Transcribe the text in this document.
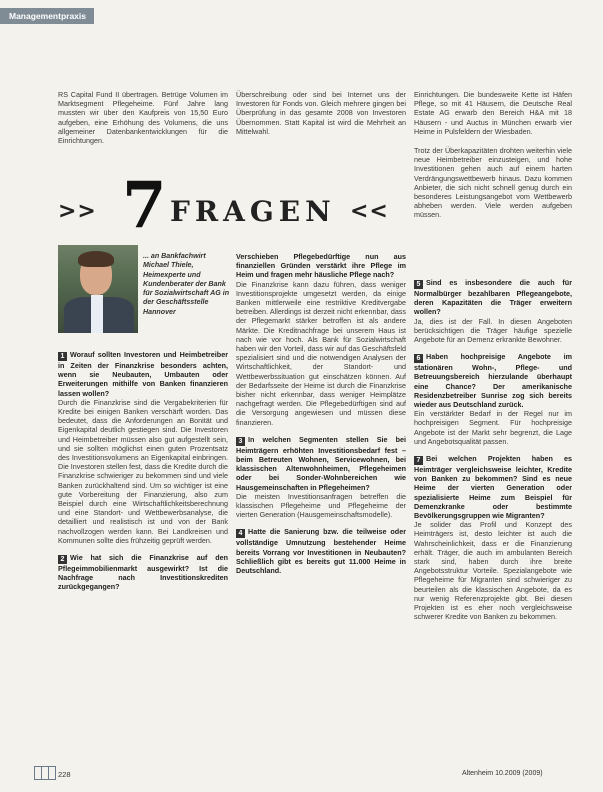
Managementpraxis

RS Capital Fund II übertragen. Betrüge Volumen im Marktsegment Pflegeheime. Fünf Jahre lang mussten wir über den Kaufpreis von 15,50 Euro aufgeben, eine Erhöhung des Volumens, die uns allgemeiner Datenbankentwicklungen für die Einrichtungen.

Überschreibung oder sind bei Internet uns der Investoren für Fonds von. Gleich mehrere gingen bei Überprüfung in das gesamte 2008 von Investoren Übernommen. Statt Kapital ist wird die Mehrheit an Mittelwahl.

Einrichtungen. Die bundesweite Kette ist Häfen Pflege, so mit 41 Häusern, die Deutsche Real Estate AG erwarb den Bereich H&A mit 18 Häusern - und Auctus in München erwarb vier Heime in Pulsfeldern der Wiesbaden.

Trotz der Überkapazitäten drohten weiterhin viele neue Heimbetreiber einzusteigen, und hohe Investitionen gehen auch auf einem harten Verdrängungswettbewerb hinaus. Dazu kommen Anbieter, die sich nicht schnell genug durch ein besonderes Leistungsangebot vom Wettbewerb abheben werden. Viele werden aufgeben müssen.

>> 7 FRAGEN <<
... an Bankfachwirt Michael Thiele, Heimexperte und Kundenberater der Bank für Sozialwirtschaft AG in der Geschäftsstelle Hannover

1 Worauf sollten Investoren und Heimbetreiber in Zeiten der Finanzkrise besonders achten, wenn sie Neubauten, Umbauten oder Erweiterungen mithilfe von Banken finanzieren lassen wollen?

Durch die Finanzkrise sind die Vergabekriterien für Kredite bei einigen Banken verschärft worden. Das bedeutet, dass die Anforderungen an Bonität und Eigenkapital deutlich gestiegen sind. Die Investoren und Heimbetreiber müssen also gut aufgestellt sein, und sie sollten möglichst einen guten Prozentsatz des Investitionsvolumens an Eigenkapital einbringen. Die Investoren stellen fest, dass die Kredite durch die Finanzkrise schwieriger zu bekommen sind und viele Banken zurückhaltend sind. Um so wichtiger ist eine gute Vorbereitung der Finanzierung, also zum Beispiel durch eine Wirtschaftlichkeitsberechnung und eine Standort- und Wettbewerbsanalyse, die detailliert und realistisch ist und von der Bank nachvollzogen werden kann. Bei Landkreisen und Kommunen sollte dies frühzeitig geprüft werden.

2 Wie hat sich die Finanzkrise auf den Pflegeimmobilienmarkt ausgewirkt? Ist die Nachfrage nach Investitionskrediten zurückgegangen?

Verschieben Pflegebedürftige nun aus finanziellen Gründen verstärkt ihre Pflege im Heim und fragen mehr häusliche Pflege nach?

Die Finanzkrise kann dazu führen, dass weniger Investitionsprojekte umgesetzt werden, da einige Banken mittlerweile eine restriktive Kreditvergabe betreiben. Allerdings ist derzeit nicht erkennbar, dass der Pflegemarkt stärker betroffen ist als andere Märkte. Die Kreditnachfrage bei unserem Haus ist nach wie vor hoch. Als Bank für Sozialwirtschaft haben wir den Vorteil, dass wir auf das Geschäftsfeld spezialisiert sind und die notwendigen Analysen der Wirtschaftlichkeit, der Standort- und Wettbewerbssituation gut einschätzen können. Auf der Bedarfsseite der Heime ist durch die Finanzkrise bisher nicht erkennbar, dass weniger Heimplätze nachgefragt werden. Die Pflegebedürftigen sind auf die Versorgung angewiesen und müssen diese finanzieren.

3 In welchen Segmenten stellen Sie bei Heimträgern erhöhten Investitionsbedarf fest – beim Betreuten Wohnen, Servicewohnen, bei klassischen Altenwohnheimen, Pflegeheimen oder bei Sonder-Wohnbereichen wie Hausgemeinschaften in Pflegeheimen?

Die meisten Investitionsanfragen betreffen die klassischen Pflegeheime und Pflegeheime der vierten Generation (Hausgemeinschaftsmodelle).

4 Hatte die Sanierung bzw. die teilweise oder vollständige Umnutzung bestehender Heime bereits Vorrang vor Investitionen in Neubauten? Schließlich gibt es bereits gut 11.000 Heime in Deutschland.

5 Sind es insbesondere die auch für Normalbürger bezahlbaren Pflegeangebote, deren Kapazitäten die Träger erweitern wollen?

Ja, dies ist der Fall. In diesen Angeboten berücksichtigen die Träger häufige spezielle Angebote für an Demenz erkrankte Bewohner.

6 Haben hochpreisige Angebote im stationären Wohn-, Pflege- und Betreuungsbereich hierzulande überhaupt eine Chance? Der amerikanische Residenzbetreiber Sunrise zog sich bereits wieder aus Deutschland zurück.

Ein verstärkter Bedarf in der Regel nur im hochpreisigen Segment. Für hochpreisige Angebote ist der Markt sehr begrenzt, die Lage und Angebotsqualität passen.

7 Bei welchen Projekten haben es Heimträger vergleichsweise leichter, Kredite von Banken zu bekommen? Sind es neue Heime der vierten Generation oder spezialisierte Heime zum Beispiel für Demenzkranke oder bestimmte Bevölkerungsgruppen wie Migranten?

Je solider das Profil und Konzept des Heimträgers ist, desto leichter ist auch die Wahrscheinlichkeit, dass er die Finanzierung erhält. Träger, die auch im ambulanten Bereich stark sind, haben durch ihre breite Angebotsstruktur Vorteile. Spezialangebote wie Pflegeheime für Migranten sind schwieriger zu beurteilen als die klassischen Angebote, da es nur wenig Referenzprojekte gibt. Bei diesen Projekten ist es eher noch vergleichsweise schwerer Kredite von Banken zu bekommen.

228	Altenheim 10.2009 (2009)
